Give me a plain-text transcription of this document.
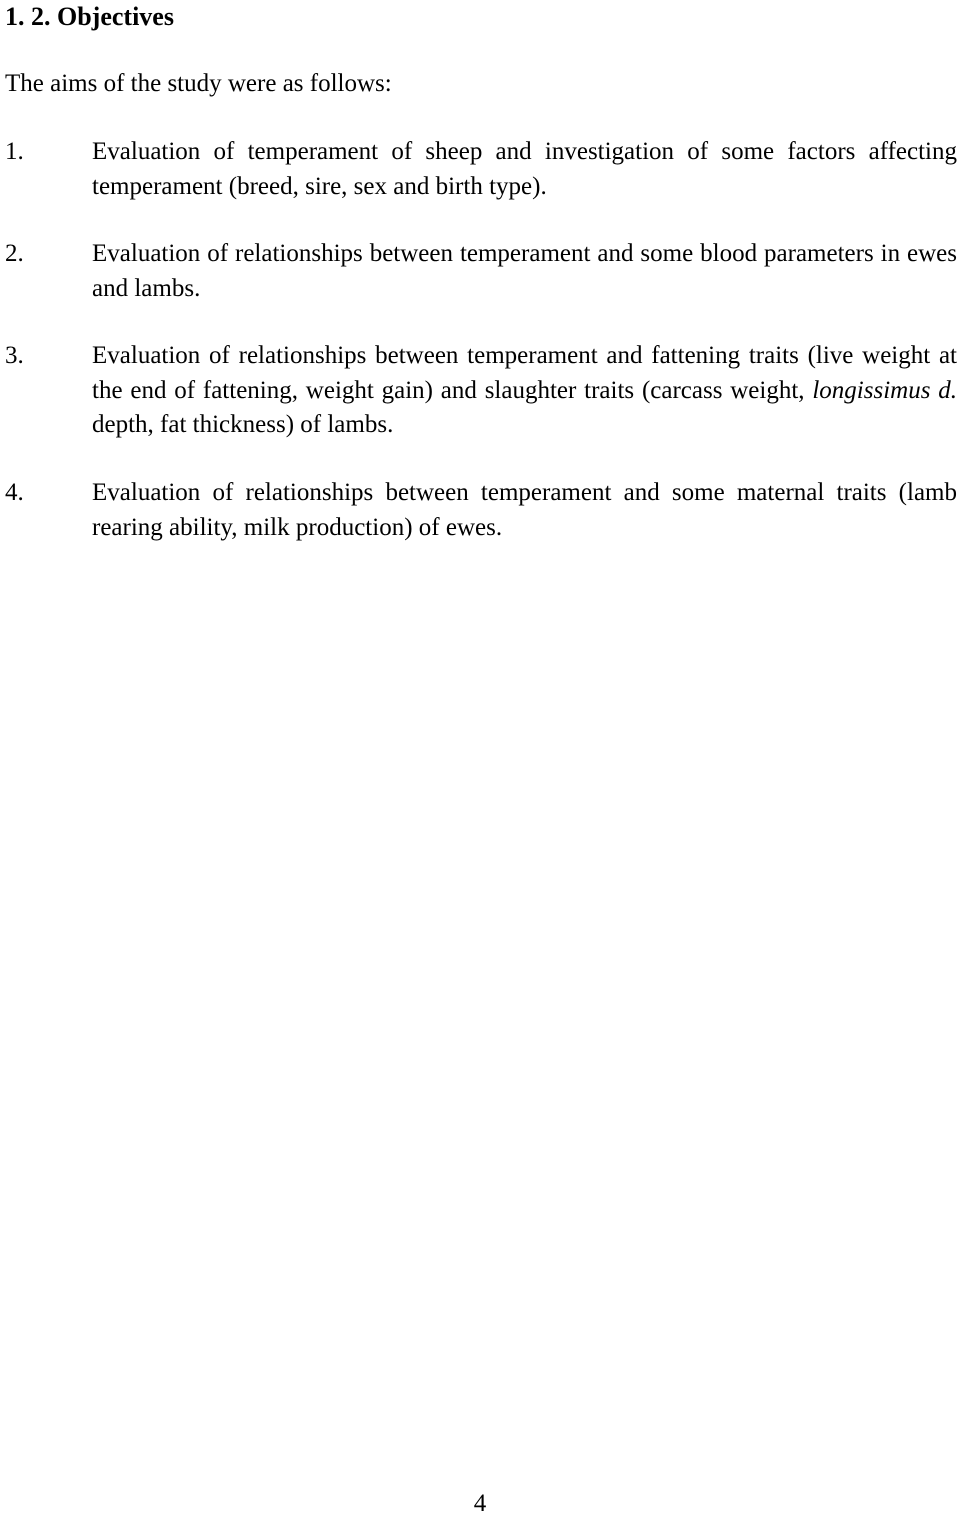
1. 2. Objectives

The aims of the study were as follows:

1.	Evaluation of temperament of sheep and investigation of some factors affecting temperament (breed, sire, sex and birth type).
2.	Evaluation of relationships between temperament and some blood parameters in ewes and lambs.
3.	Evaluation of relationships between temperament and fattening traits (live weight at the end of fattening, weight gain) and slaughter traits (carcass weight, longissimus d. depth, fat thickness) of lambs.
4.	Evaluation of relationships between temperament and some maternal traits (lamb rearing ability, milk production) of ewes.

4
